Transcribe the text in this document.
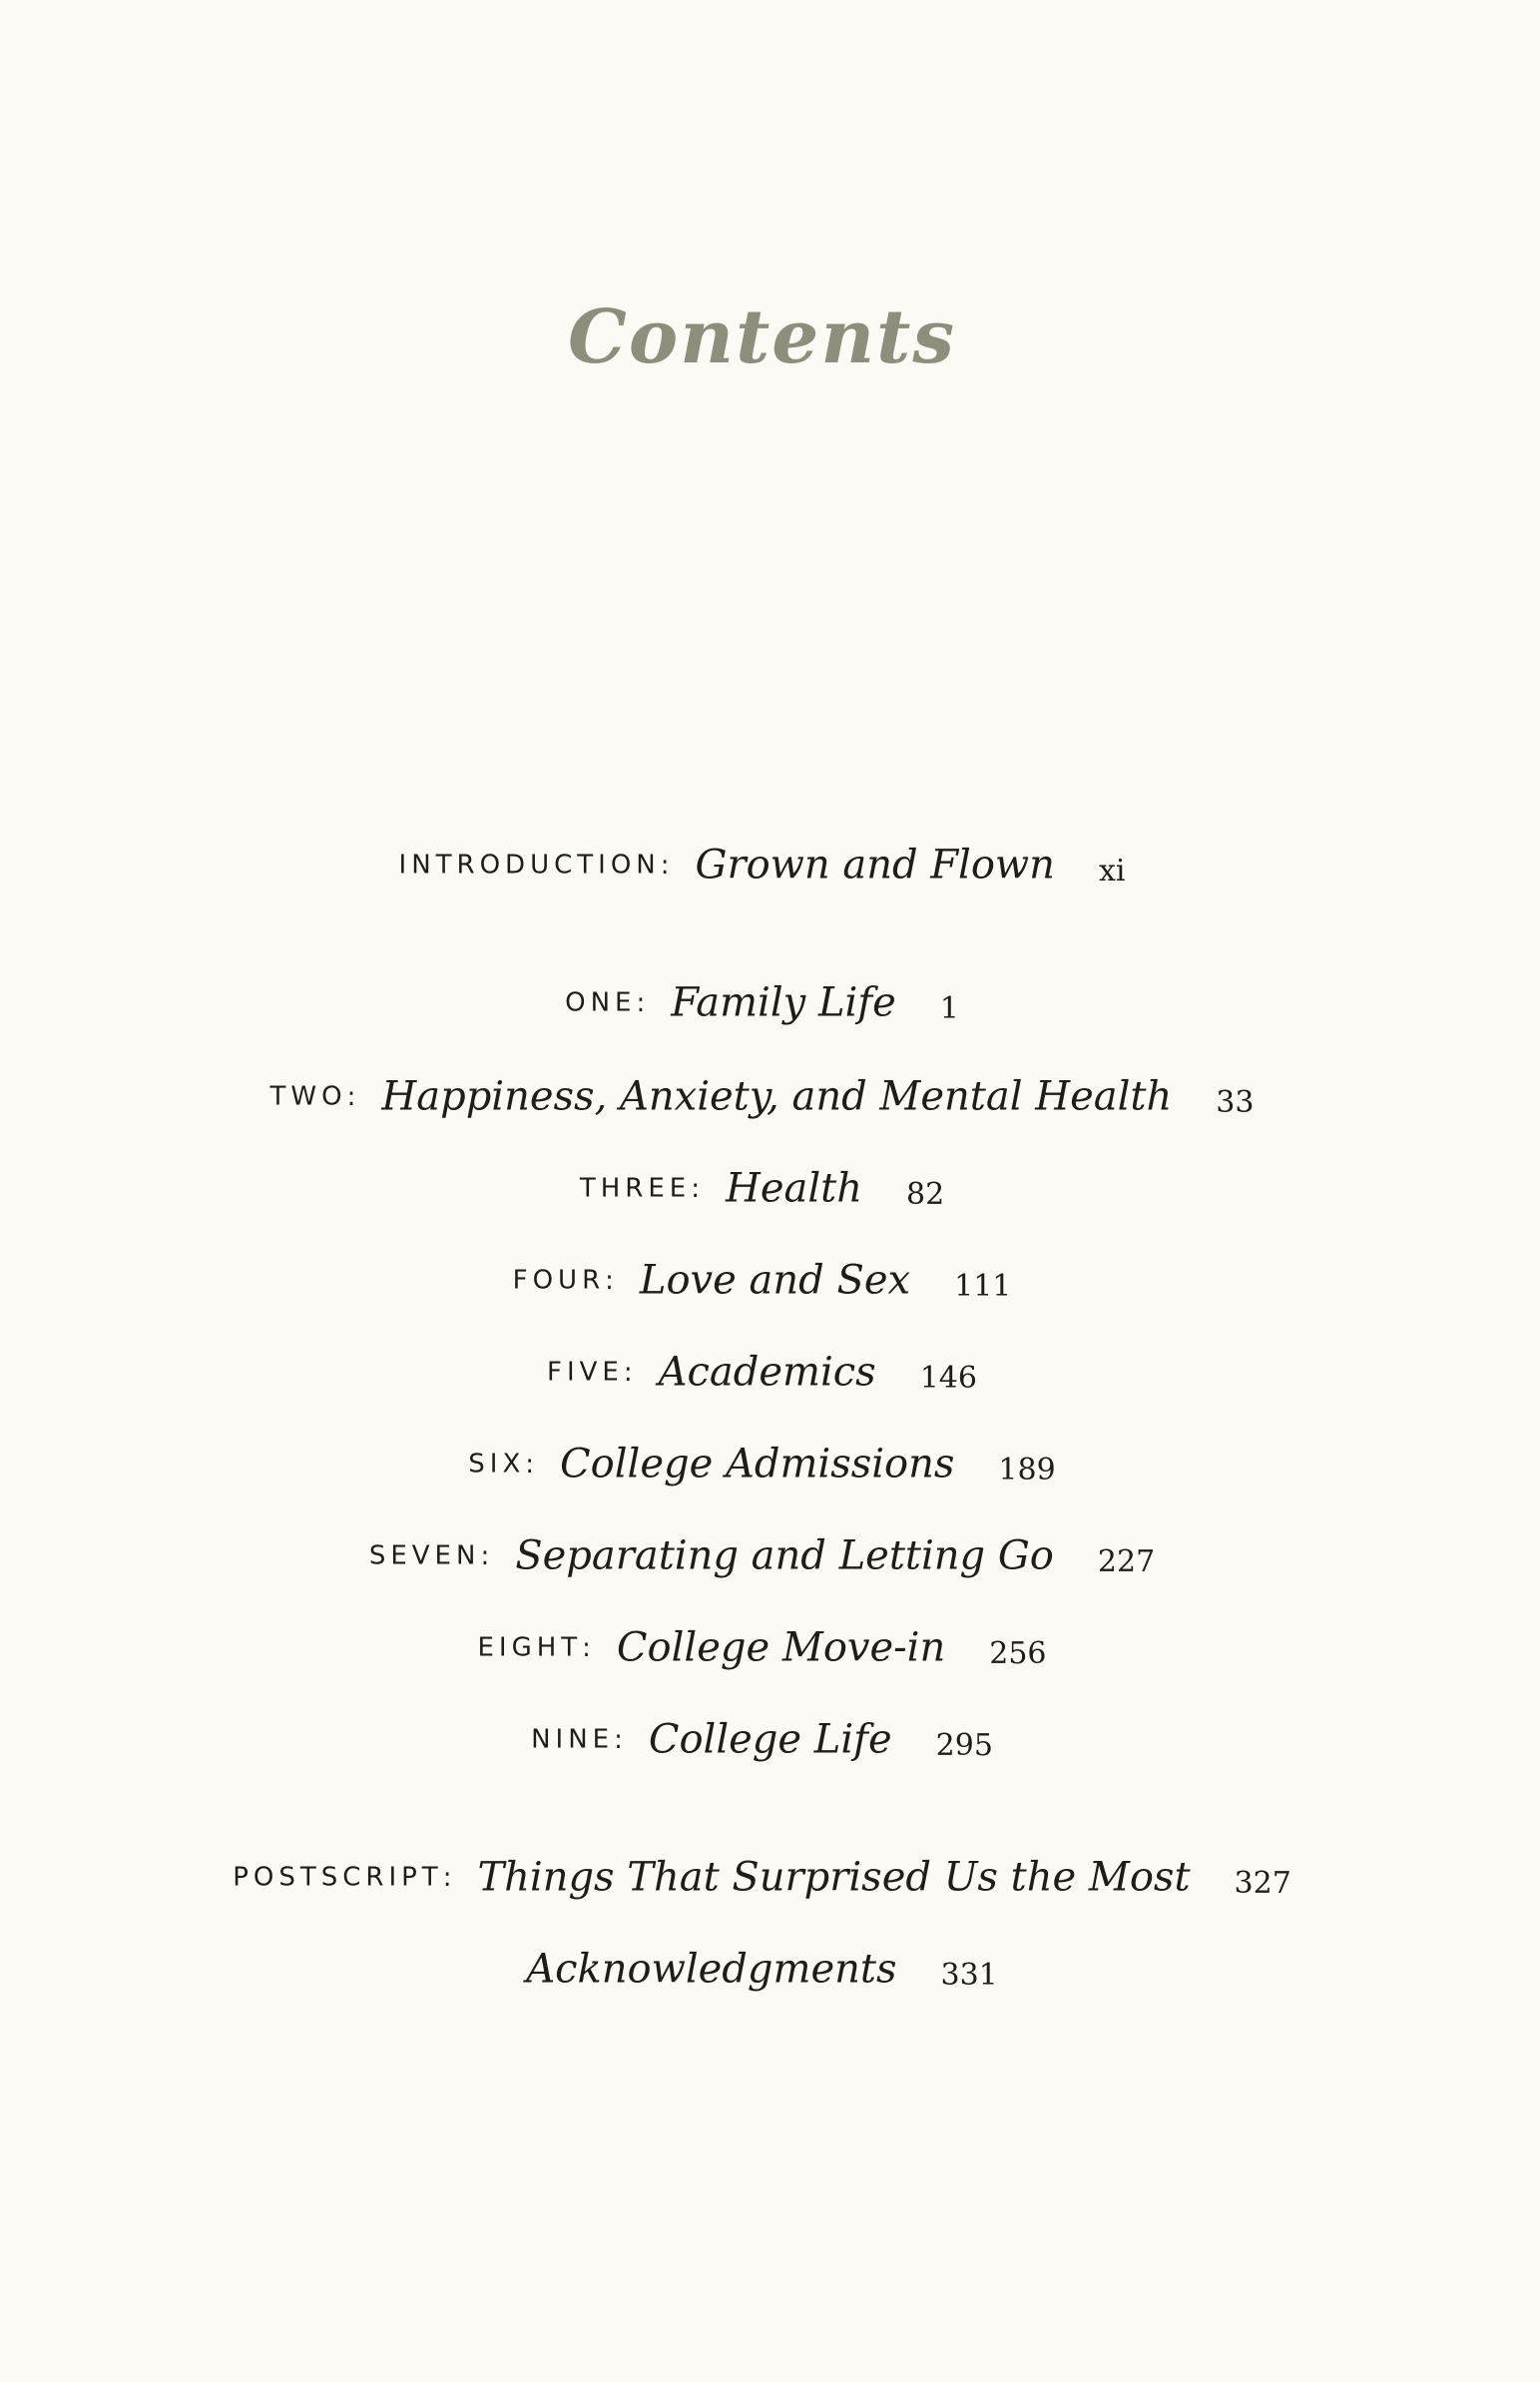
Contents
INTRODUCTION: Grown and Flown xi
ONE: Family Life 1
TWO: Happiness, Anxiety, and Mental Health 33
THREE: Health 82
FOUR: Love and Sex 111
FIVE: Academics 146
SIX: College Admissions 189
SEVEN: Separating and Letting Go 227
EIGHT: College Move-in 256
NINE: College Life 295
POSTSCRIPT: Things That Surprised Us the Most 327
Acknowledgments 331
